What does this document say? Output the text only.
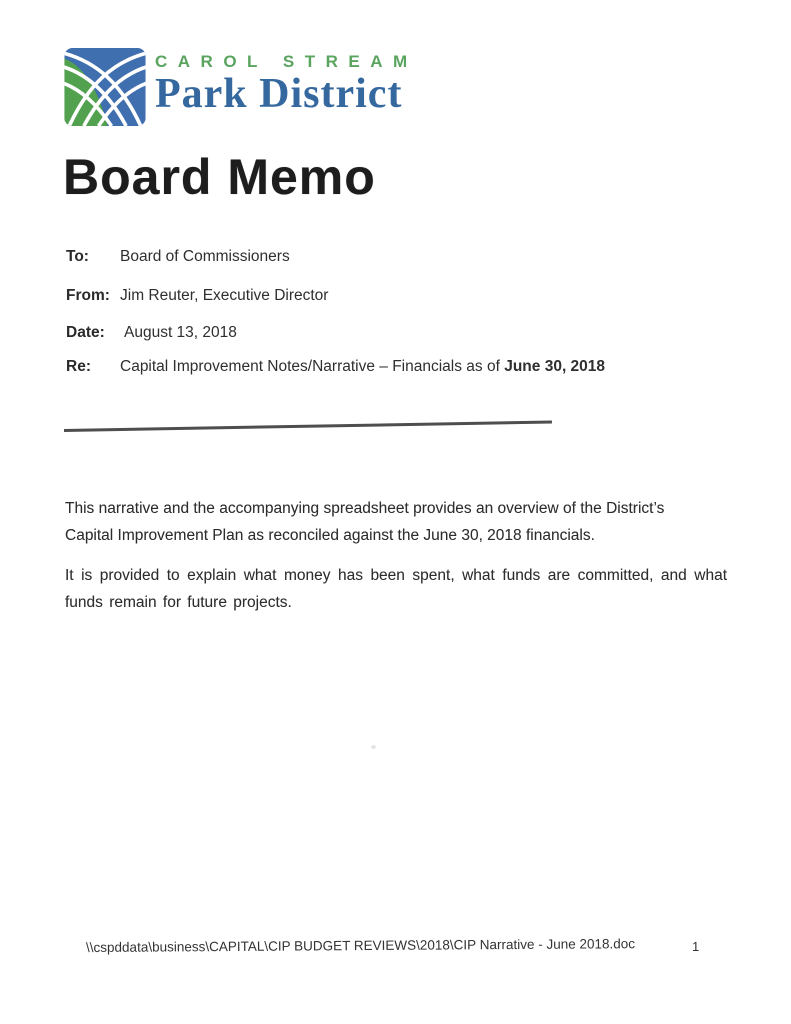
CAROL STREAM
Park District
Board Memo
To:	Board of Commissioners
From: Jim Reuter, Executive Director
Date:	August 13, 2018
Re:	Capital Improvement Notes/Narrative – Financials as of June 30, 2018

This narrative and the accompanying spreadsheet provides an overview of the District’s Capital Improvement Plan as reconciled against the June 30, 2018 financials.

It is provided to explain what money has been spent, what funds are committed, and what funds remain for future projects.

\\cspddata\business\CAPITAL\CIP BUDGET REVIEWS\2018\CIP Narrative - June 2018.doc	1
